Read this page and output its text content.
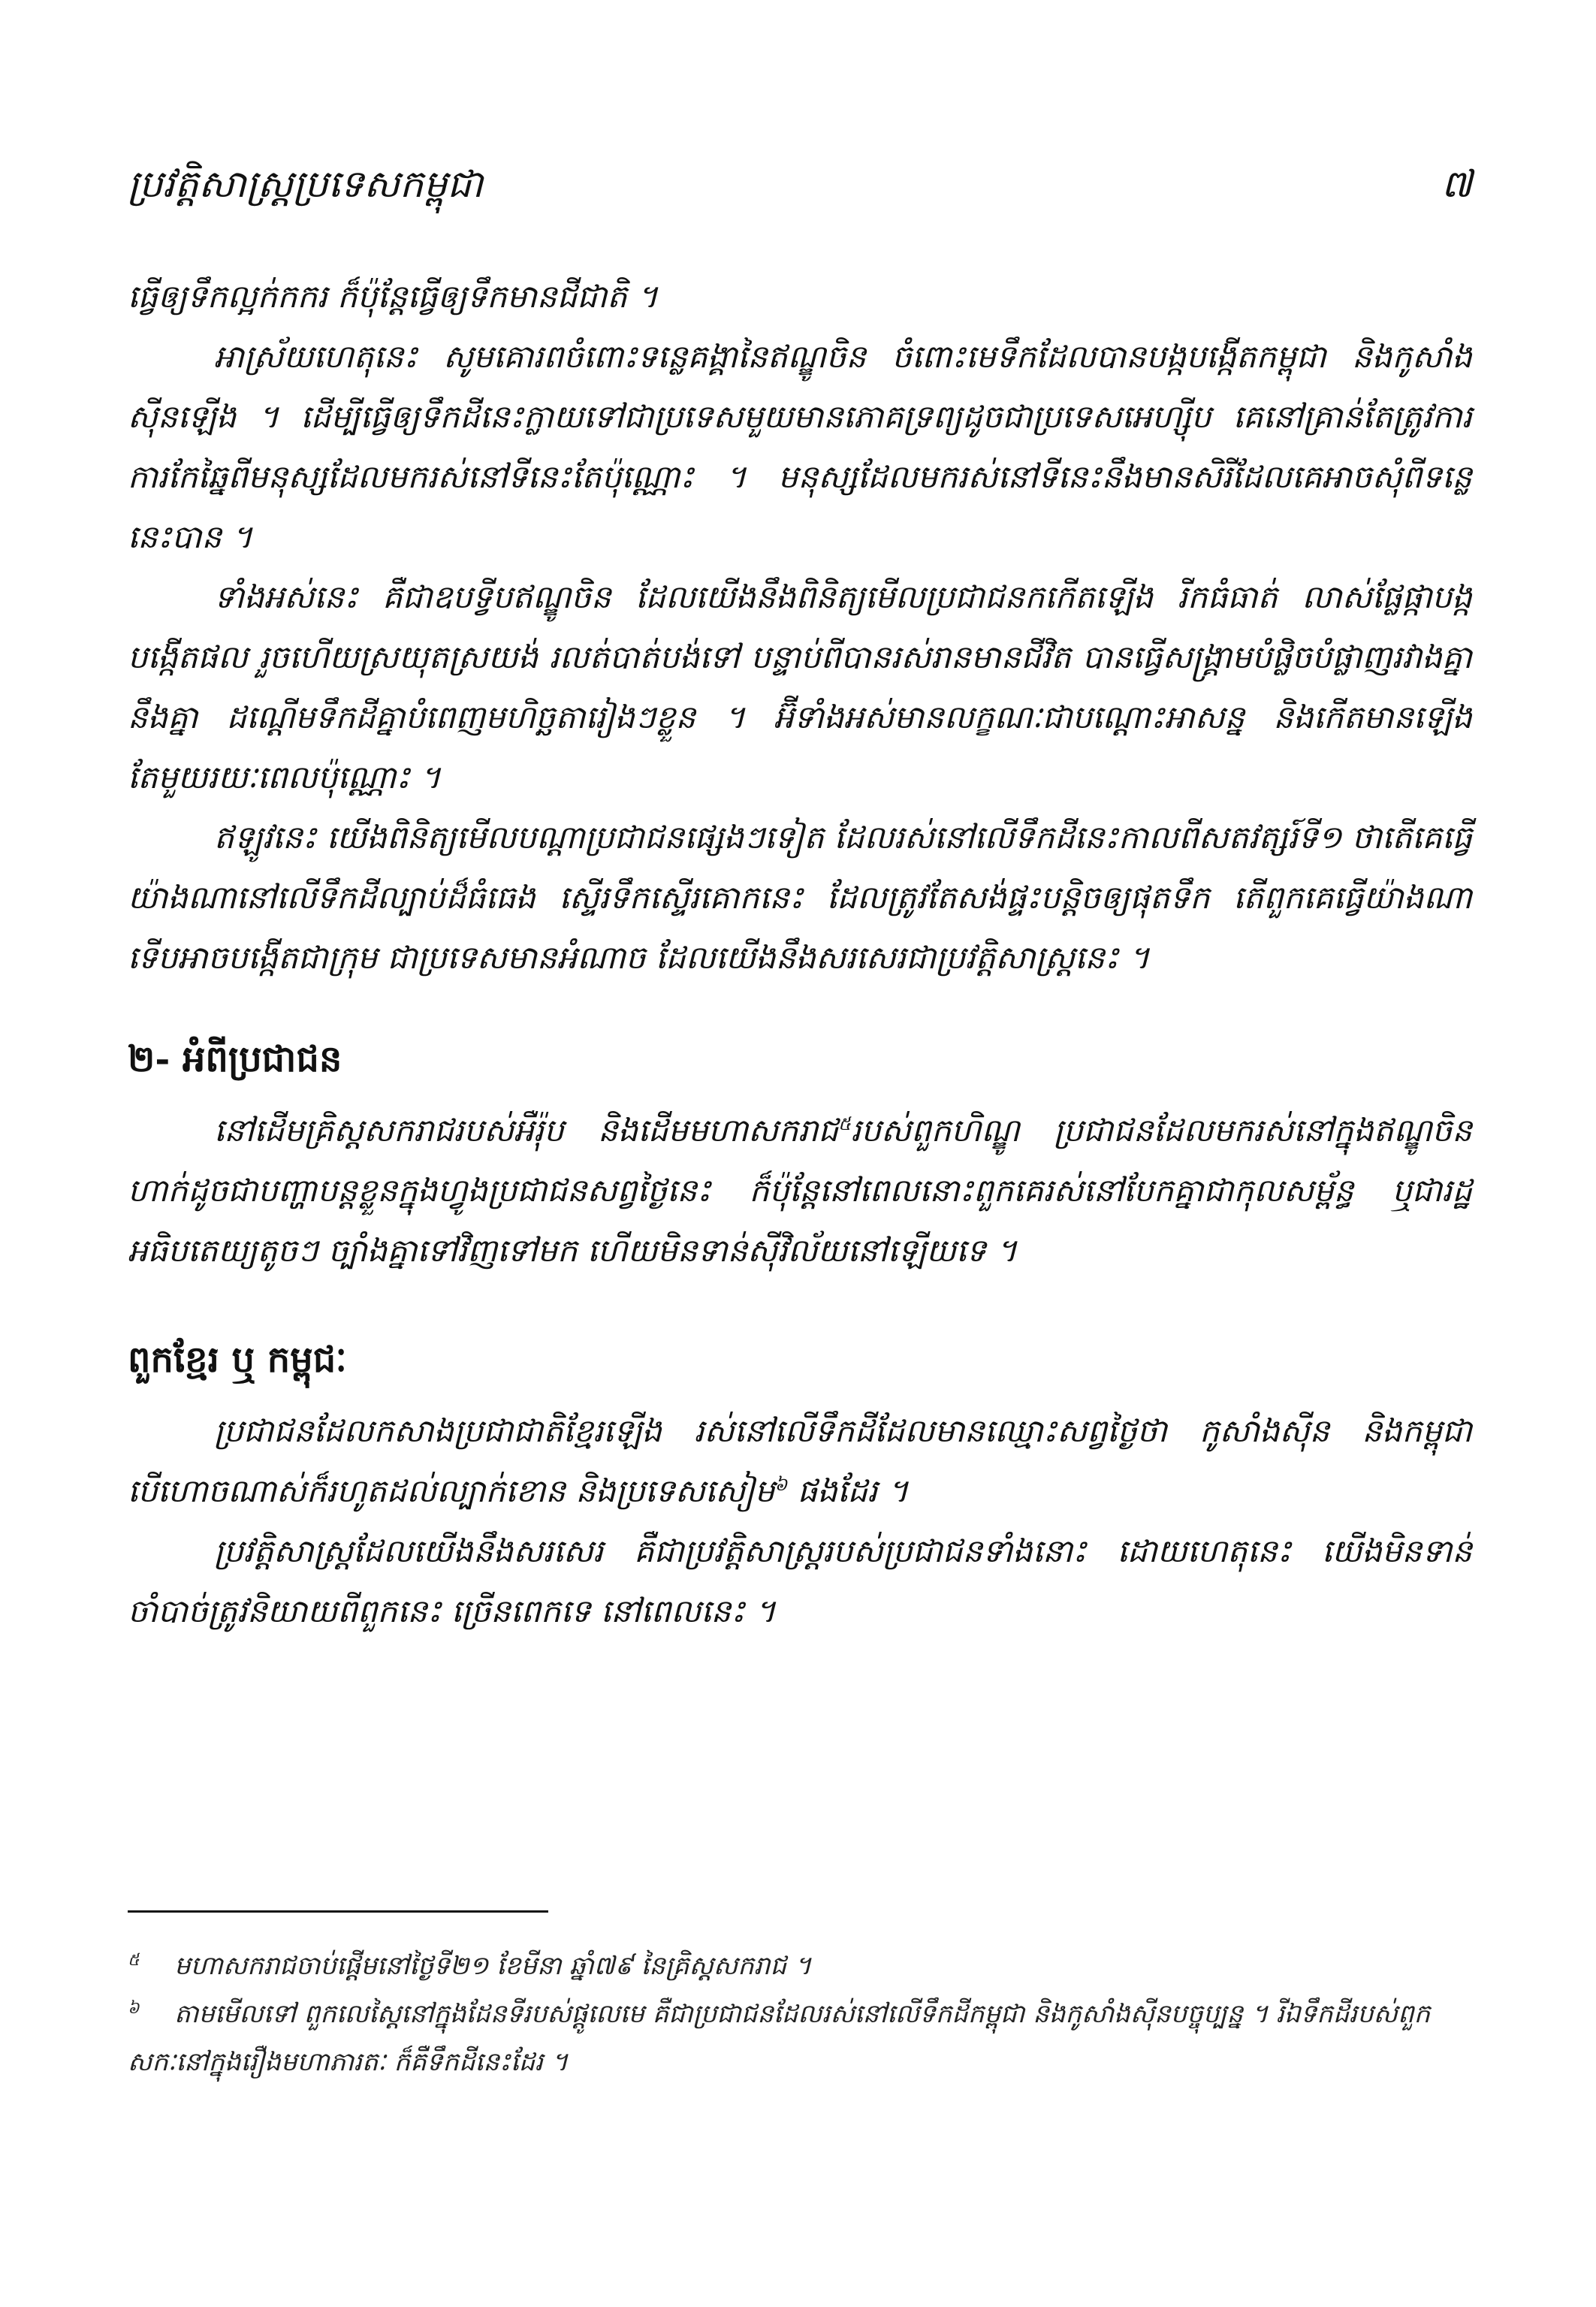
ប្រវត្តិសាស្ត្រប្រទេសកម្ពុជា	៧

ធ្វើឲ្យទឹកល្អក់កករ ក៏ប៉ុន្តែធ្វើឲ្យទឹកមានជីជាតិ ។

អាស្រ័យហេតុនេះ សូមគោរពចំពោះទន្លេគង្គានៃឥណ្ឌូចិន ចំពោះមេទឹកដែលបានបង្កបង្កើតកម្ពុជា និងកូសាំងស៊ីនឡើង ។ ដើម្បីធ្វើឲ្យទឹកដីនេះក្លាយទៅជាប្រទេសមួយមានភោគទ្រព្យដូចជាប្រទេសអេហ្ស៊ីប គេនៅគ្រាន់តែត្រូវការការកែឆ្នៃពីមនុស្សដែលមករស់នៅទីនេះតែប៉ុណ្ណោះ ។ មនុស្សដែលមករស់នៅទីនេះនឹងមានសិរីដែលគេអាចសុំពីទន្លេនេះបាន ។

ទាំងអស់នេះ គឺជាឧបទ្វីបឥណ្ឌូចិន ដែលយើងនឹងពិនិត្យមើលប្រជាជនកកើតឡើង រីកធំធាត់ លាស់ផ្លែផ្កាបង្កបង្កើតផល រួចហើយស្រយុតស្រយង់ រលត់បាត់បង់ទៅ បន្ទាប់ពីបានរស់រានមានជីវិត បានធ្វើសង្គ្រាមបំផ្លិចបំផ្លាញរវាងគ្នានឹងគ្នា ដណ្ដើមទឹកដីគ្នាបំពេញមហិច្ឆតារៀងៗខ្លួន ។ អ៊ីទាំងអស់មានលក្ខណៈជាបណ្ដោះអាសន្ន និងកើតមានឡើងតែមួយរយៈពេលប៉ុណ្ណោះ ។

ឥឡូវនេះ យើងពិនិត្យមើលបណ្ដាប្រជាជនផ្សេងៗទៀត ដែលរស់នៅលើទឹកដីនេះកាលពីសតវត្សរ៍ទី១ ថាតើគេធ្វើយ៉ាងណានៅលើទឹកដីល្បាប់ដ៏ធំធេង ស្ទើរទឹកស្ទើរគោកនេះ ដែលត្រូវតែសង់ផ្ទះបន្តិចឲ្យផុតទឹក តើពួកគេធ្វើយ៉ាងណាទើបអាចបង្កើតជាក្រុម ជាប្រទេសមានអំណាច ដែលយើងនឹងសរសេរជាប្រវត្តិសាស្ត្រនេះ ។

២- អំពីប្រជាជន

នៅដើមគ្រិស្តសករាជរបស់អឺរ៉ុប និងដើមមហាសករាជ$^៥$របស់ពួកហិណ្ឌូ ប្រជាជនដែលមករស់នៅក្នុងឥណ្ឌូចិនហាក់ដូចជាបញ្ហាបន្តខ្លួនក្នុងហ្វូងប្រជាជនសព្វថ្ងៃនេះ ក៏ប៉ុន្តែនៅពេលនោះពួកគេរស់នៅបែកគ្នាជាកុលសម្ព័ន្ធ ឬជារដ្ឋអធិបតេយ្យតូចៗ ច្បាំងគ្នាទៅវិញទៅមក ហើយមិនទាន់ស៊ីវិល័យនៅឡើយទេ ។

ពួកខ្មែរ ឬ កម្ពុជៈ

ប្រជាជនដែលកសាងប្រជាជាតិខ្មែរឡើង រស់នៅលើទឹកដីដែលមានឈ្មោះសព្វថ្ងៃថា កូសាំងស៊ីន និងកម្ពុជា បើហោចណាស់ក៏រហូតដល់ល្បាក់ខោន និងប្រទេសសៀម$^៦$ ផងដែរ ។

ប្រវត្តិសាស្ត្រដែលយើងនឹងសរសេរ គឺជាប្រវត្តិសាស្ត្ររបស់ប្រជាជនទាំងនោះ ដោយហេតុនេះ យើងមិនទាន់ចាំបាច់ត្រូវនិយាយពីពួកនេះ ច្រើនពេកទេ នៅពេលនេះ ។

៥ មហាសករាជចាប់ផ្ដើមនៅថ្ងៃទី២១ ខែមីនា ឆ្នាំ៧៩ នៃគ្រិស្តសករាជ ។

៦ តាមមើលទៅ ពួកលេស្តៃនៅក្នុងដែនទីរបស់ផ្តូលេមេ គឺជាប្រជាជនដែលរស់នៅលើទឹកដីកម្ពុជា និងកូសាំងស៊ីនបច្ចុប្បន្ន ។ រីឯទឹកដីរបស់ពួក សកៈនៅក្នុងរឿងមហាភារតៈ ក៏គឺទឹកដីនេះដែរ ។
